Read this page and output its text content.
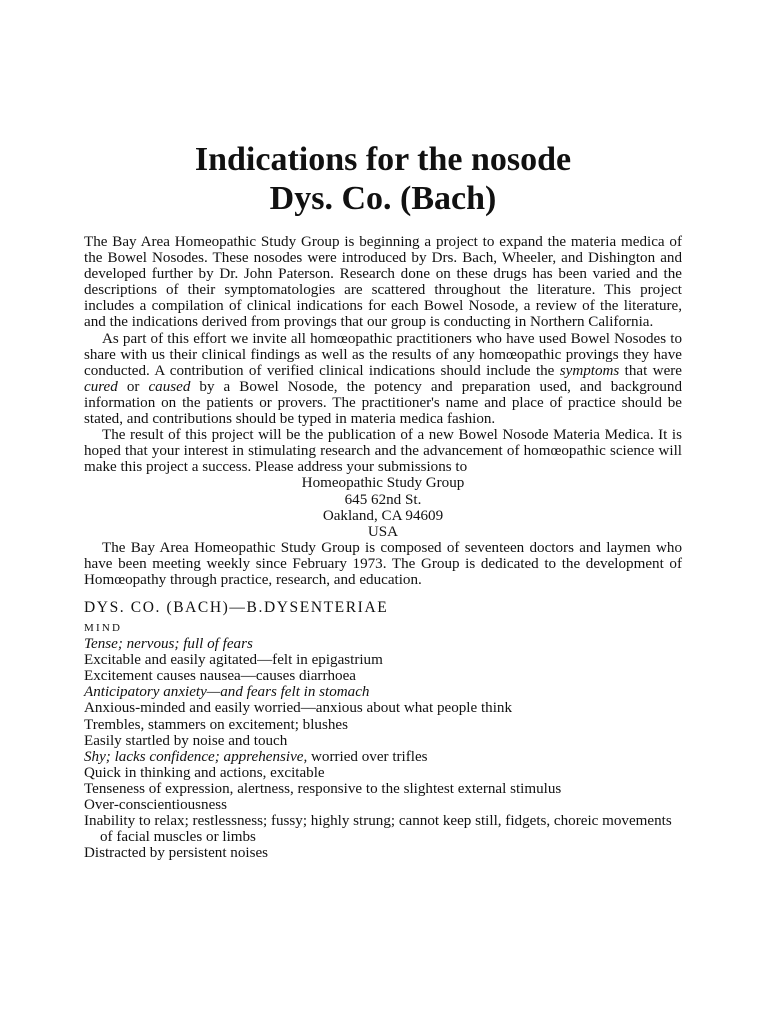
Indications for the nosode
Dys. Co. (Bach)

The Bay Area Homeopathic Study Group is beginning a project to expand the materia medica of the Bowel Nosodes. These nosodes were introduced by Drs. Bach, Wheeler, and Dishington and developed further by Dr. John Paterson. Research done on these drugs has been varied and the descriptions of their symptomatologies are scattered throughout the literature. This project includes a compilation of clinical indications for each Bowel Nosode, a review of the literature, and the indications derived from provings that our group is conducting in Northern California.

As part of this effort we invite all homœopathic practitioners who have used Bowel Nosodes to share with us their clinical findings as well as the results of any homœopathic provings they have conducted. A contribution of verified clinical indications should include the symptoms that were cured or caused by a Bowel Nosode, the potency and preparation used, and background information on the patients or provers. The practitioner's name and place of practice should be stated, and contributions should be typed in materia medica fashion.

The result of this project will be the publication of a new Bowel Nosode Materia Medica. It is hoped that your interest in stimulating research and the advancement of homœopathic science will make this project a success. Please address your submissions to

Homeopathic Study Group
645 62nd St.
Oakland, CA 94609
USA

The Bay Area Homeopathic Study Group is composed of seventeen doctors and laymen who have been meeting weekly since February 1973. The Group is dedicated to the development of Homœopathy through practice, research, and education.

DYS. CO. (BACH)—B.DYSENTERIAE
MIND
Tense; nervous; full of fears
Excitable and easily agitated—felt in epigastrium
Excitement causes nausea—causes diarrhoea
Anticipatory anxiety—and fears felt in stomach
Anxious-minded and easily worried—anxious about what people think
Trembles, stammers on excitement; blushes
Easily startled by noise and touch
Shy; lacks confidence; apprehensive, worried over trifles
Quick in thinking and actions, excitable
Tenseness of expression, alertness, responsive to the slightest external stimulus
Over-conscientiousness
Inability to relax; restlessness; fussy; highly strung; cannot keep still, fidgets, choreic movements of facial muscles or limbs
Distracted by persistent noises
